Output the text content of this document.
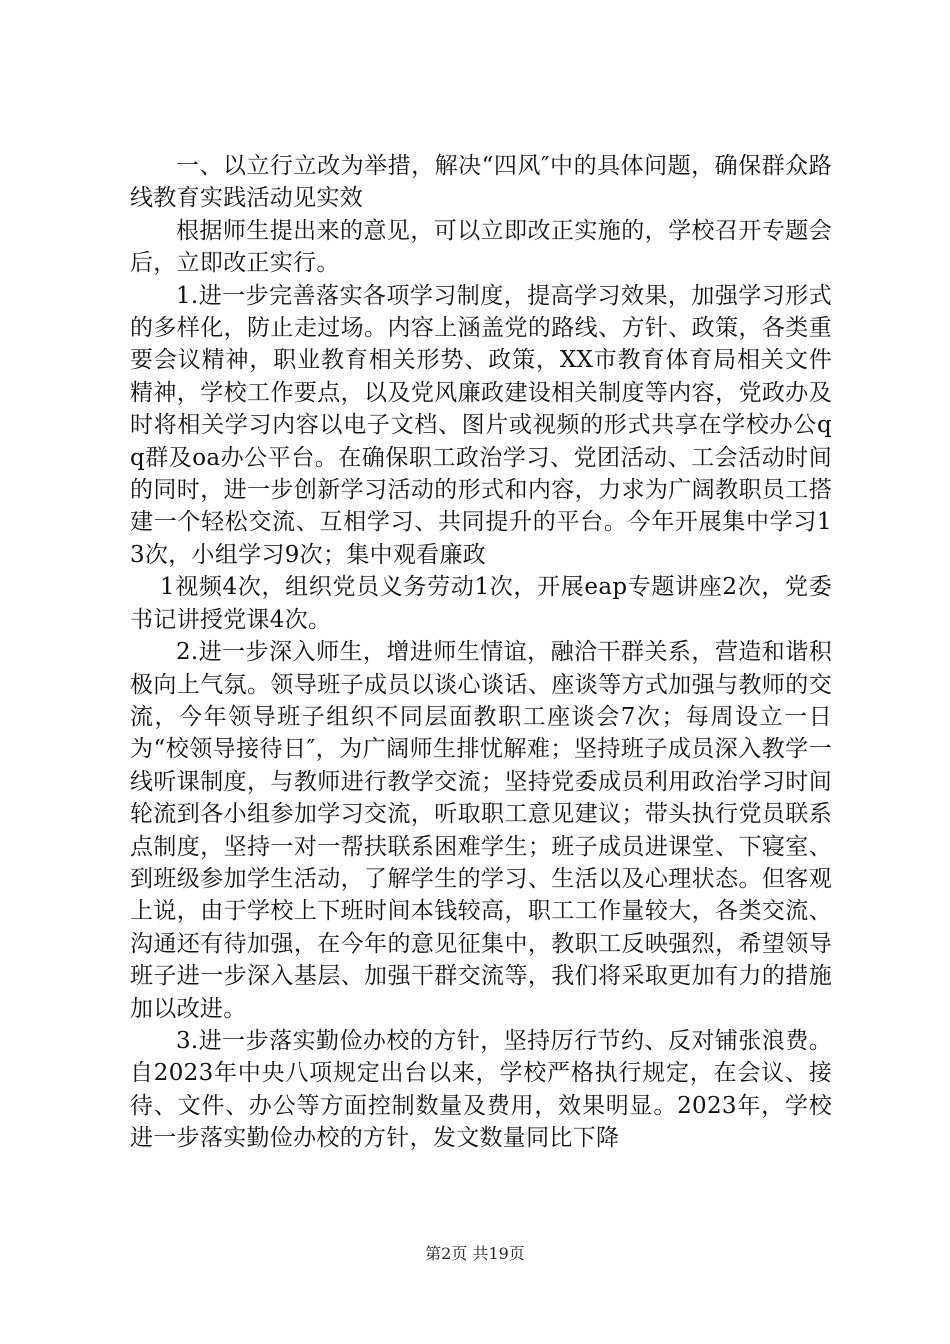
一、以立行立改为举措，解决“四风″中的具体问题，确保群众路线教育实践活动见实效

根据师生提出来的意见，可以立即改正实施的，学校召开专题会后，立即改正实行。

1.进一步完善落实各项学习制度，提高学习效果，加强学习形式的多样化，防止走过场。内容上涵盖党的路线、方针、政策，各类重要会议精神，职业教育相关形势、政策，XX市教育体育局相关文件精神，学校工作要点，以及党风廉政建设相关制度等内容，党政办及时将相关学习内容以电子文档、图片或视频的形式共享在学校办公qq群及oa办公平台。在确保职工政治学习、党团活动、工会活动时间的同时，进一步创新学习活动的形式和内容，力求为广阔教职员工搭建一个轻松交流、互相学习、共同提升的平台。今年开展集中学习13次，小组学习9次；集中观看廉政

1视频4次，组织党员义务劳动1次，开展eap专题讲座2次，党委书记讲授党课4次。

2.进一步深入师生，增进师生情谊，融洽干群关系，营造和谐积极向上气氛。领导班子成员以谈心谈话、座谈等方式加强与教师的交流，今年领导班子组织不同层面教职工座谈会7次；每周设立一日为“校领导接待日″，为广阔师生排忧解难；坚持班子成员深入教学一线听课制度，与教师进行教学交流；坚持党委成员利用政治学习时间轮流到各小组参加学习交流，听取职工意见建议；带头执行党员联系点制度，坚持一对一帮扶联系困难学生；班子成员进课堂、下寝室、到班级参加学生活动，了解学生的学习、生活以及心理状态。但客观上说，由于学校上下班时间本钱较高，职工工作量较大，各类交流、沟通还有待加强，在今年的意见征集中，教职工反映强烈，希望领导班子进一步深入基层、加强干群交流等，我们将采取更加有力的措施加以改进。

3.进一步落实勤俭办校的方针，坚持厉行节约、反对铺张浪费。自2023年中央八项规定出台以来，学校严格执行规定，在会议、接待、文件、办公等方面控制数量及费用，效果明显。2023年，学校进一步落实勤俭办校的方针，发文数量同比下降

第2页 共19页
